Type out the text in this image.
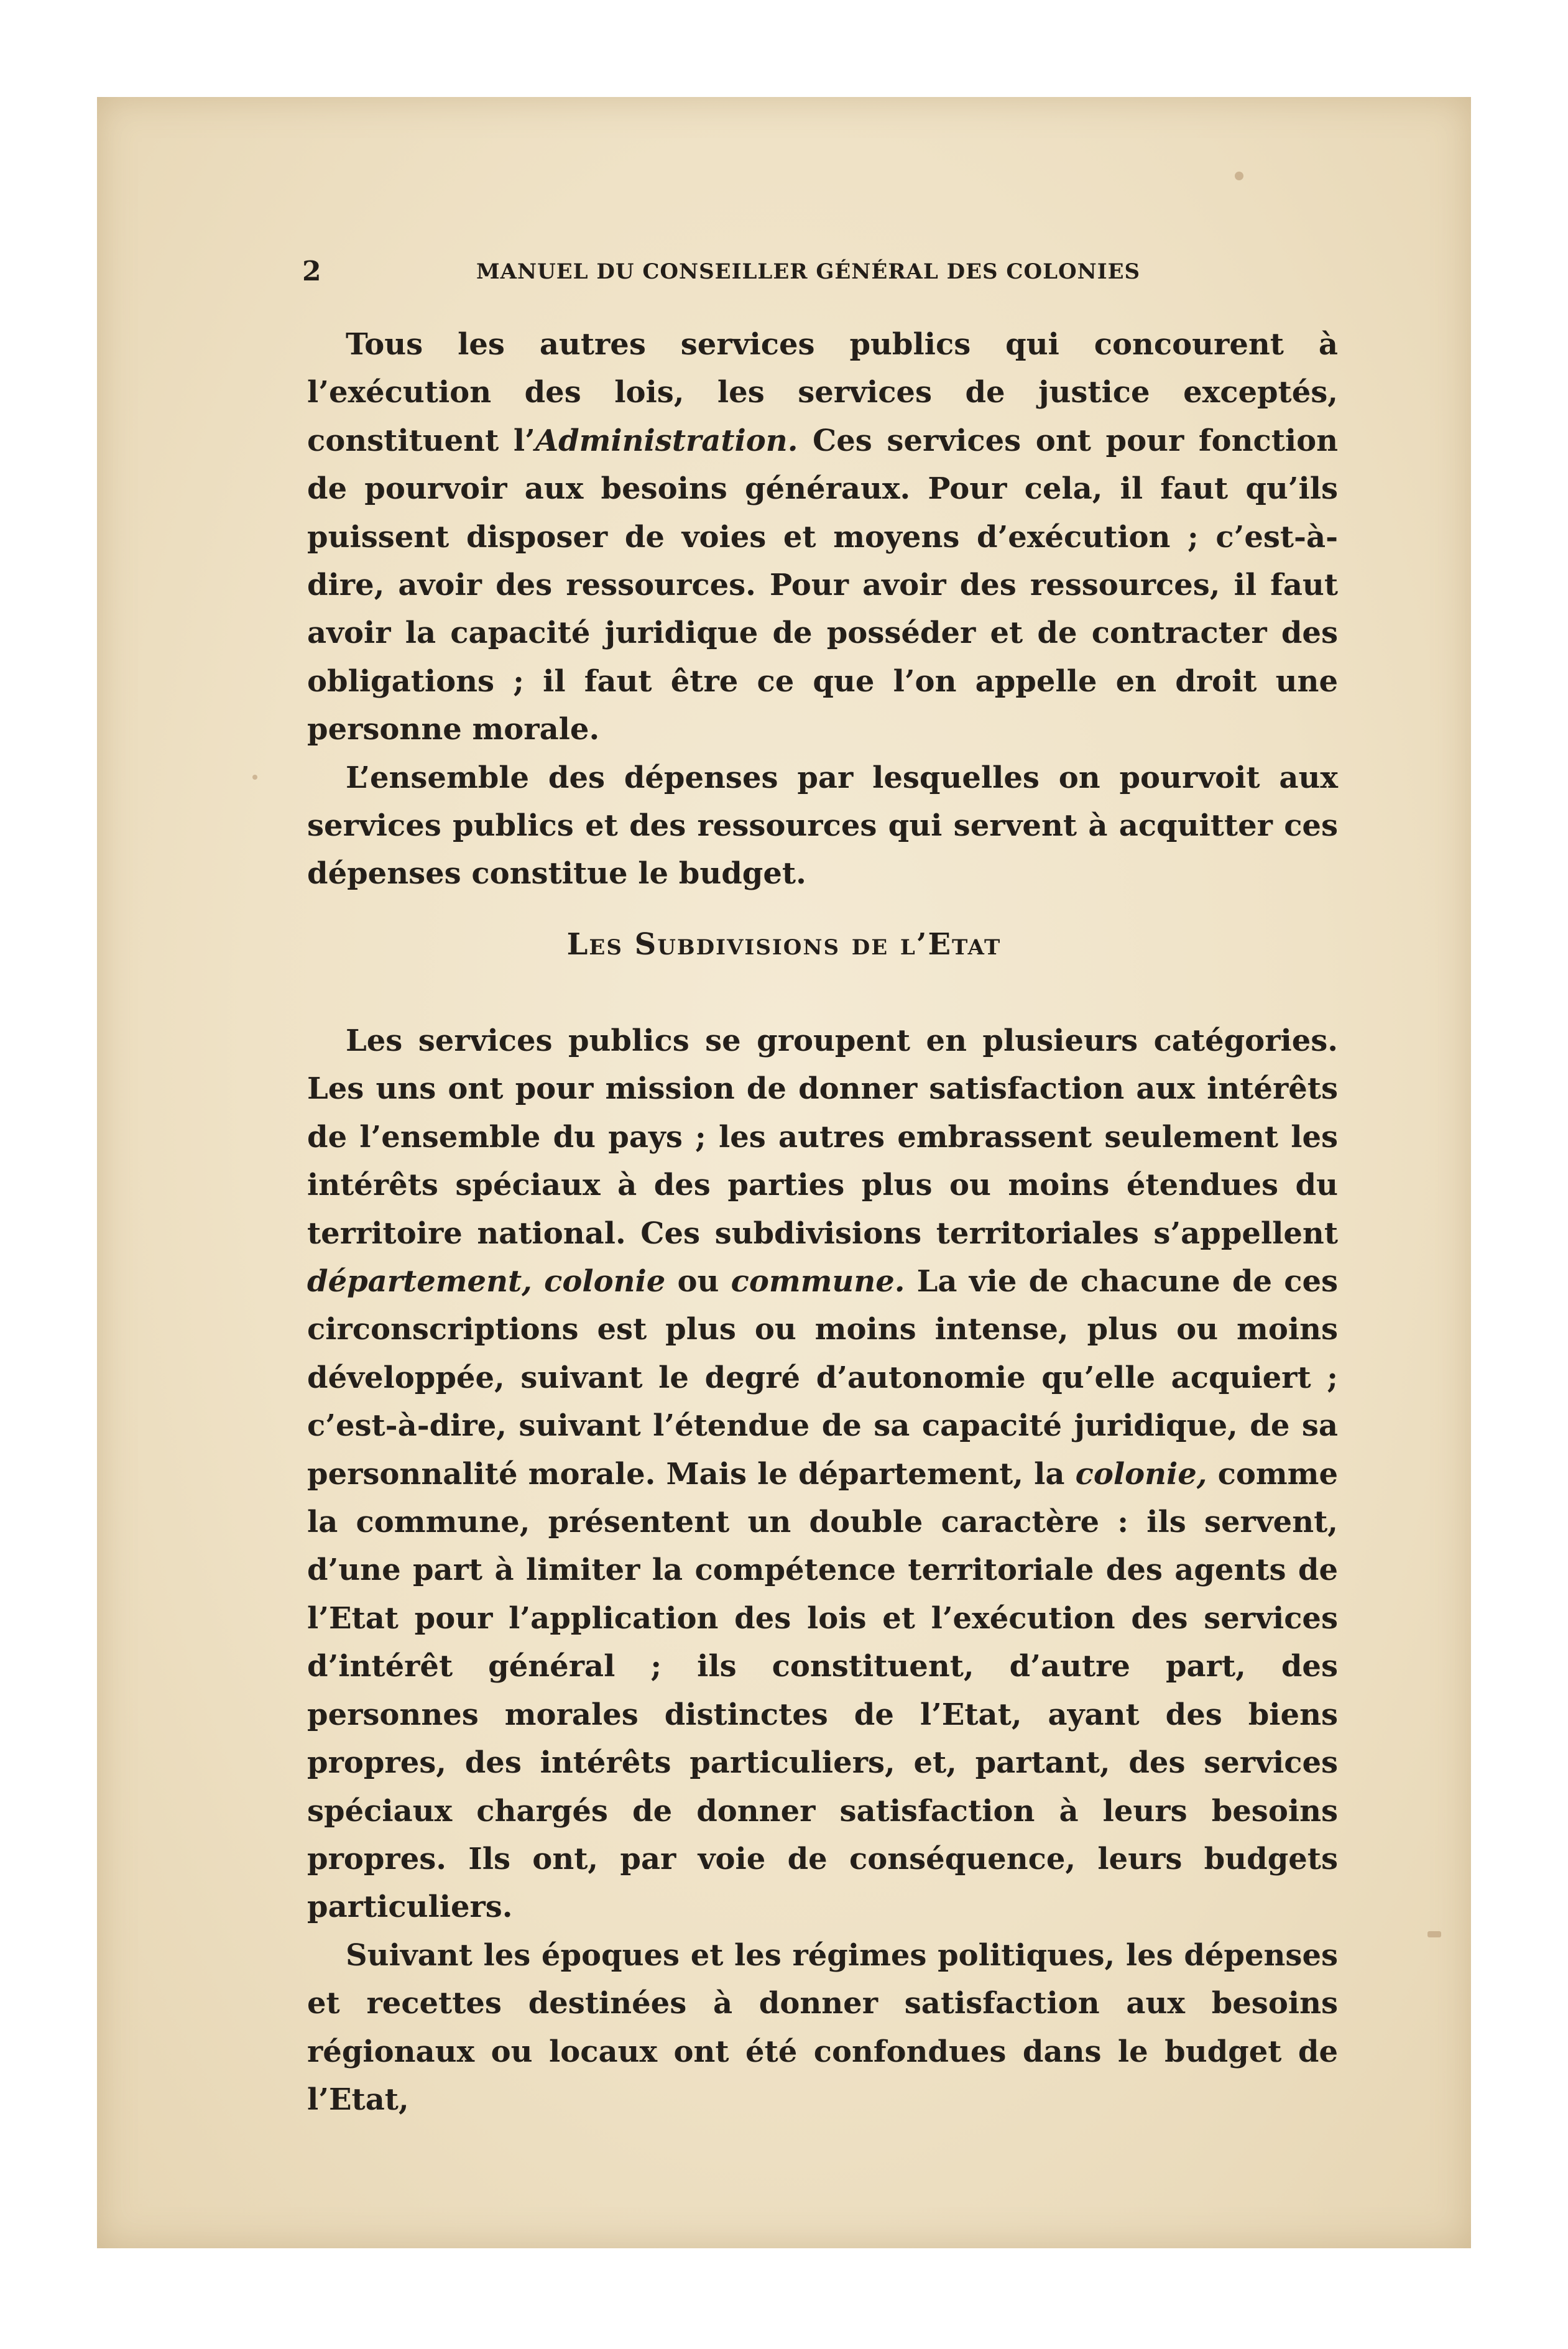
2	MANUEL DU CONSEILLER GÉNÉRAL DES COLONIES

Tous les autres services publics qui concourent à l’exécution des lois, les services de justice exceptés, constituent l’Administration. Ces services ont pour fonction de pourvoir aux besoins généraux. Pour cela, il faut qu’ils puissent disposer de voies et moyens d’exécution ; c’est-à-dire, avoir des ressources. Pour avoir des ressources, il faut avoir la capacité juridique de posséder et de contracter des obligations ; il faut être ce que l’on appelle en droit une personne morale.

L’ensemble des dépenses par lesquelles on pourvoit aux services publics et des ressources qui servent à acquitter ces dépenses constitue le budget.

Les Subdivisions de l’Etat

Les services publics se groupent en plusieurs catégories. Les uns ont pour mission de donner satisfaction aux intérêts de l’ensemble du pays ; les autres embrassent seulement les intérêts spéciaux à des parties plus ou moins étendues du territoire national. Ces subdivisions territoriales s’appellent département, colonie ou commune. La vie de chacune de ces circonscriptions est plus ou moins intense, plus ou moins développée, suivant le degré d’autonomie qu’elle acquiert ; c’est-à-dire, suivant l’étendue de sa capacité juridique, de sa personnalité morale. Mais le département, la colonie, comme la commune, présentent un double caractère : ils servent, d’une part à limiter la compétence territoriale des agents de l’Etat pour l’application des lois et l’exécution des services d’intérêt général ; ils constituent, d’autre part, des personnes morales distinctes de l’Etat, ayant des biens propres, des intérêts particuliers, et, partant, des services spéciaux chargés de donner satisfaction à leurs besoins propres. Ils ont, par voie de conséquence, leurs budgets particuliers.

Suivant les époques et les régimes politiques, les dépenses et recettes destinées à donner satisfaction aux besoins régionaux ou locaux ont été confondues dans le budget de l’Etat,
